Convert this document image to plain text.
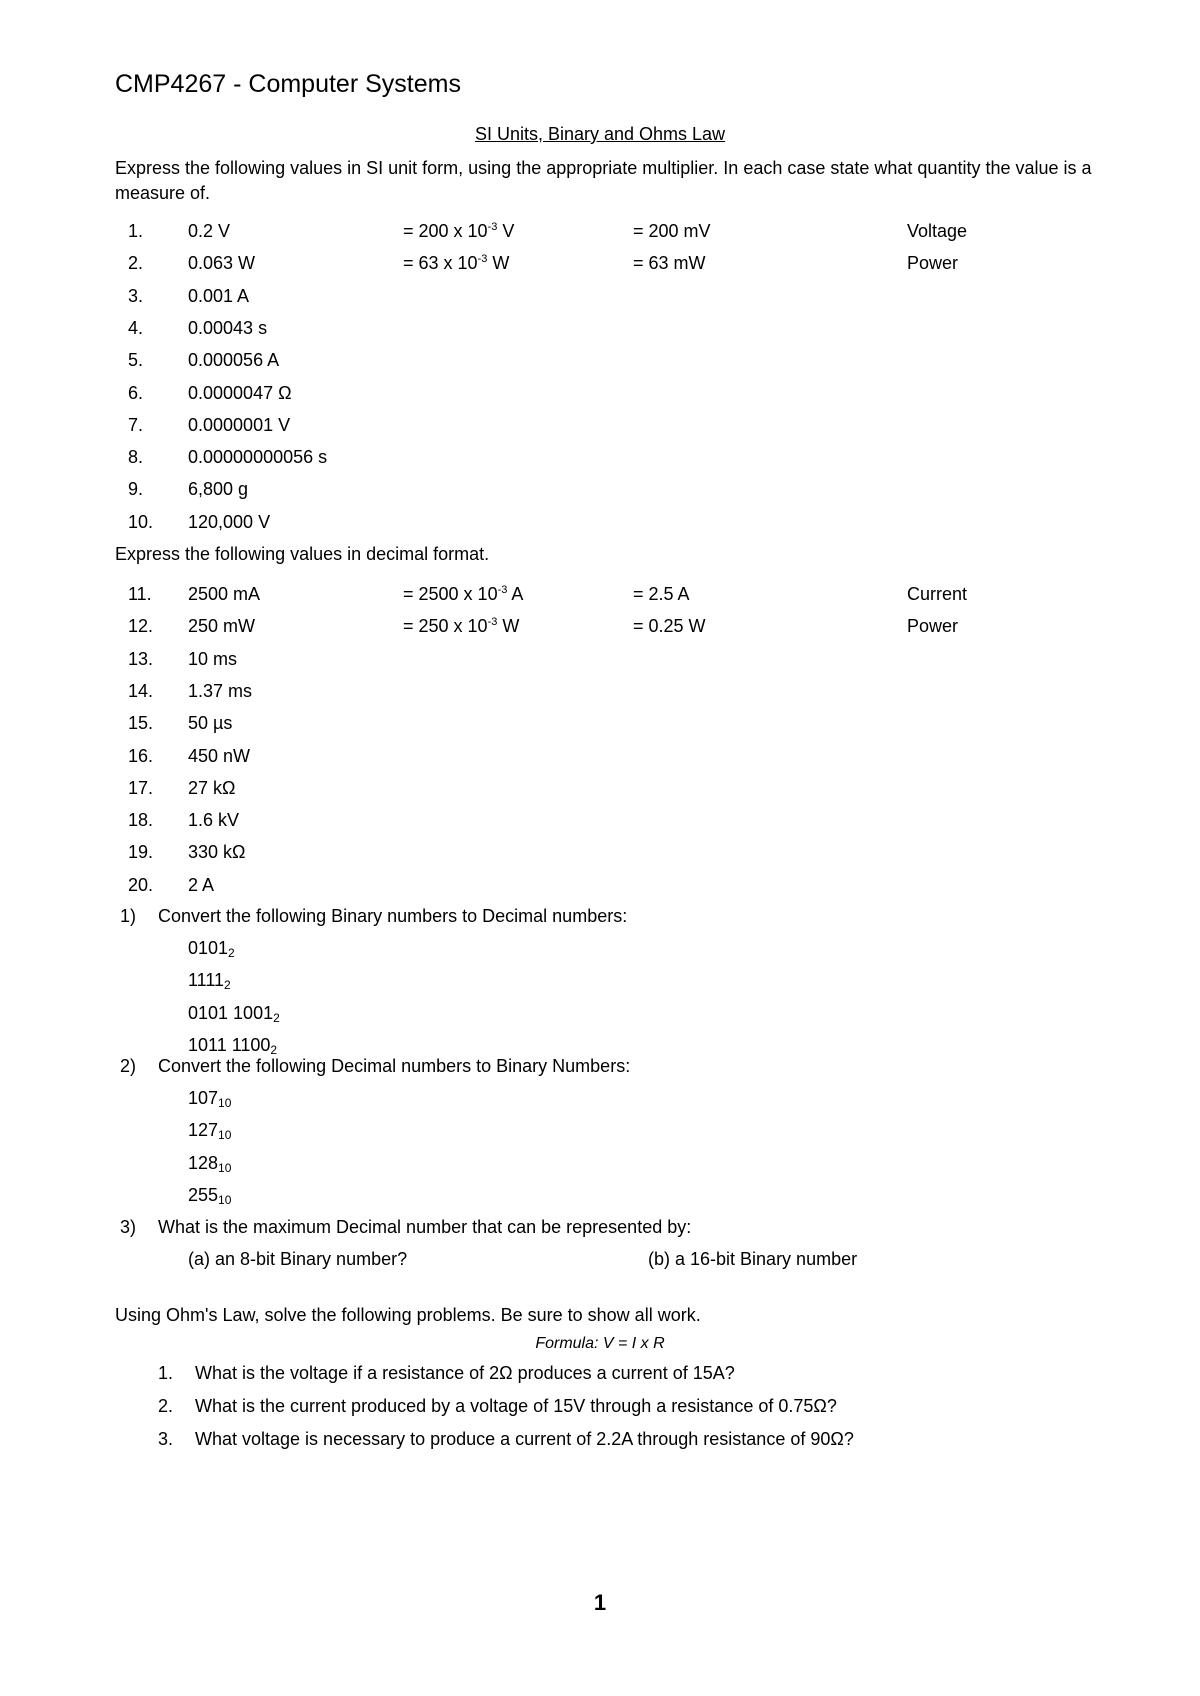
CMP4267 - Computer Systems
SI Units, Binary and Ohms Law
Express the following values in SI unit form, using the appropriate multiplier. In each case state what quantity the value is a measure of.
1.	0.2 V	= 200 x $10^{-3}$ V	= 200 mV	Voltage
2.	0.063 W	= 63 x $10^{-3}$ W	= 63 mW	Power
3.	0.001 A
4.	0.00043 s
5.	0.000056 A
6.	0.0000047 Ω
7.	0.0000001 V
8.	0.00000000056 s
9.	6,800 g
10. 120,000 V
Express the following values in decimal format.
11.	2500 mA	= 2500 x $10^{-3}$ A	= 2.5 A	Current
12. 250 mW	= 250 x $10^{-3}$ W	= 0.25 W	Power
13. 10 ms
14. 1.37 ms
15. 50 µs
16. 450 nW
17. 27 kΩ
18. 1.6 kV
19. 330 kΩ
20. 2 A
1) Convert the following Binary numbers to Decimal numbers:
$0101_2$
$1111_2$
0101 $1001_2$
1011 $1100_2$
2) Convert the following Decimal numbers to Binary Numbers:
$107_{10}$
$127_{10}$
$128_{10}$
$255_{10}$
3) What is the maximum Decimal number that can be represented by:
(a) an 8-bit Binary number?	(b) a 16-bit Binary number
Using Ohm's Law, solve the following problems. Be sure to show all work.
Formula: V = I x R
1. What is the voltage if a resistance of 2Ω produces a current of 15A?
2. What is the current produced by a voltage of 15V through a resistance of 0.75Ω?
3. What voltage is necessary to produce a current of 2.2A through resistance of 90Ω?
1
